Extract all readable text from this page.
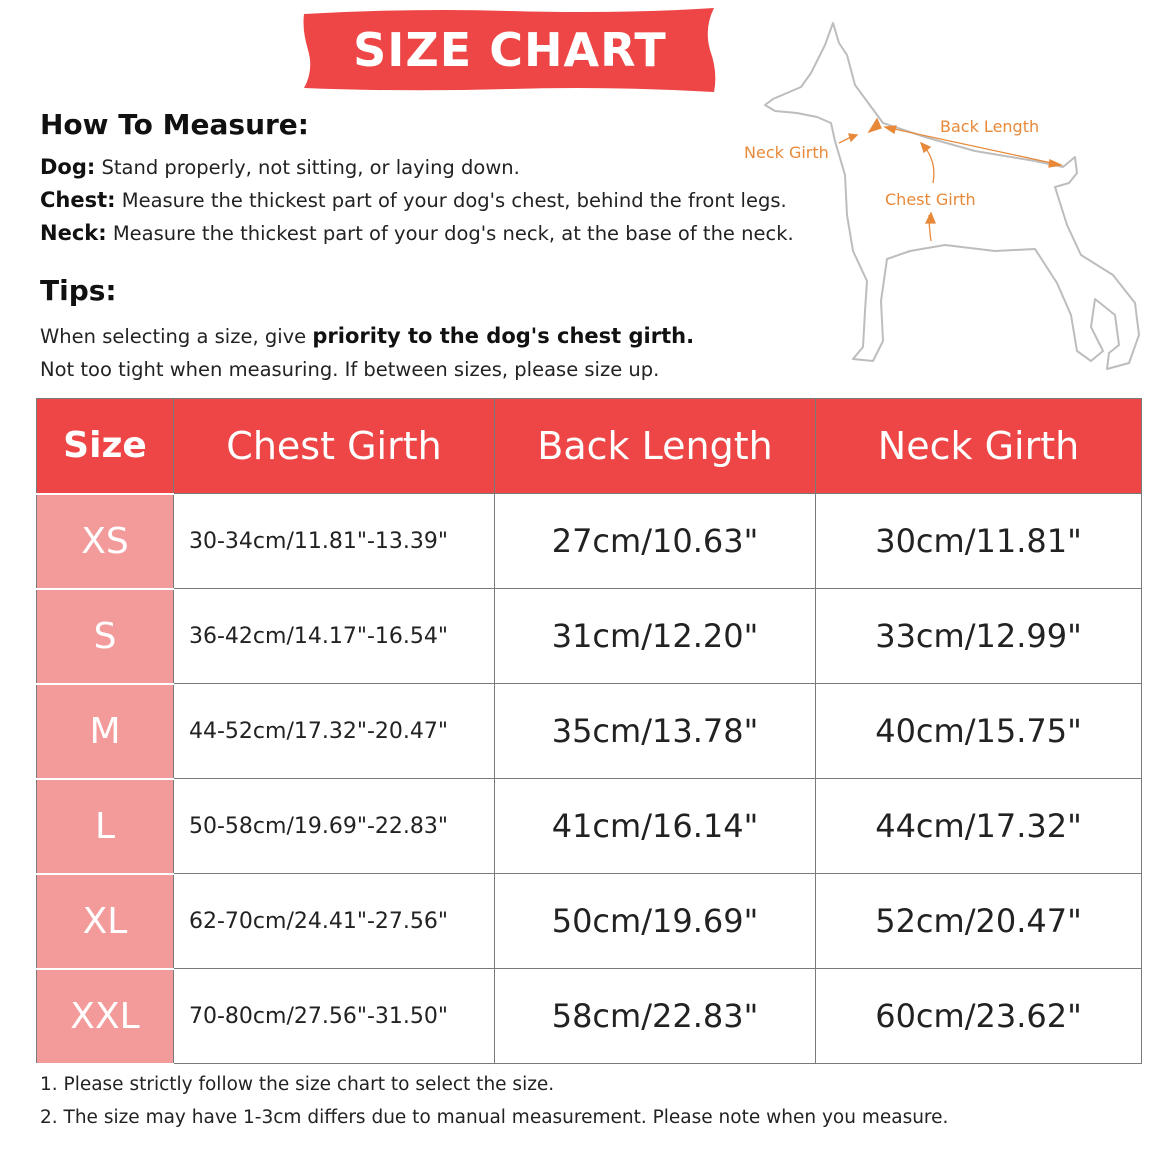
SIZE CHART
How To Measure:
Dog: Stand properly, not sitting, or laying down.
Chest: Measure the thickest part of your dog's chest, behind the front legs.
Neck: Measure the thickest part of your dog's neck, at the base of the neck.
Tips:
When selecting a size, give priority to the dog's chest girth.
Not too tight when measuring. If between sizes, please size up.
Neck Girth
Back Length
Chest Girth
Size	Chest Girth	Back Length	Neck Girth
XS	30-34cm/11.81"-13.39"	27cm/10.63"	30cm/11.81"
S	36-42cm/14.17"-16.54"	31cm/12.20"	33cm/12.99"
M	44-52cm/17.32"-20.47"	35cm/13.78"	40cm/15.75"
L	50-58cm/19.69"-22.83"	41cm/16.14"	44cm/17.32"
XL	62-70cm/24.41"-27.56"	50cm/19.69"	52cm/20.47"
XXL	70-80cm/27.56"-31.50"	58cm/22.83"	60cm/23.62"
1. Please strictly follow the size chart to select the size.
2. The size may have 1-3cm differs due to manual measurement. Please note when you measure.
